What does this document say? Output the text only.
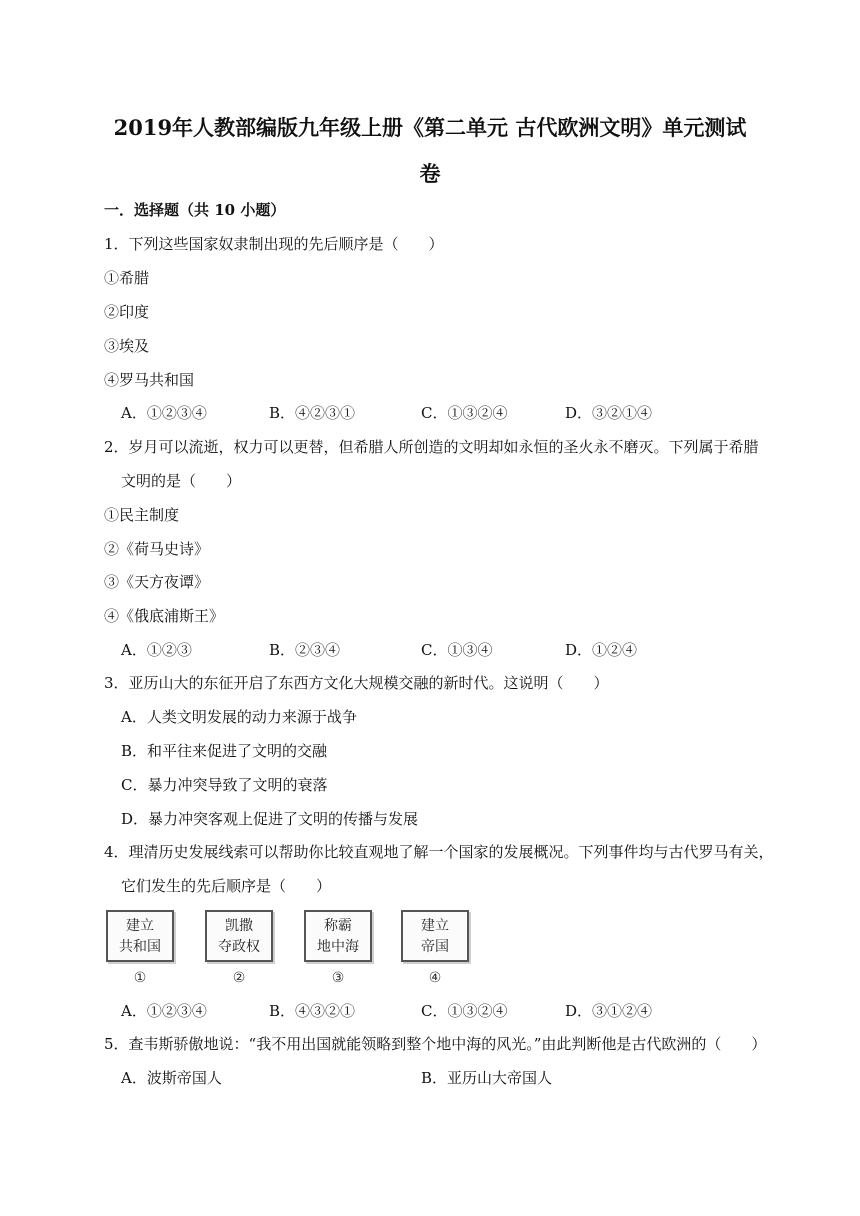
2019年人教部编版九年级上册《第二单元 古代欧洲文明》单元测试
卷
一．选择题（共 10 小题）
1．下列这些国家奴隶制出现的先后顺序是（　　）
①希腊
②印度
③埃及
④罗马共和国
A．①②③④	B．④②③①	C．①③②④	D．③②①④
2．岁月可以流逝，权力可以更替，但希腊人所创造的文明却如永恒的圣火永不磨灭。下列属于希腊
文明的是（　　）
①民主制度
②《荷马史诗》
③《天方夜谭》
④《俄底浦斯王》
A．①②③	B．②③④	C．①③④	D．①②④
3．亚历山大的东征开启了东西方文化大规模交融的新时代。这说明（　　）
A．人类文明发展的动力来源于战争
B．和平往来促进了文明的交融
C．暴力冲突导致了文明的衰落
D．暴力冲突客观上促进了文明的传播与发展
4．理清历史发展线索可以帮助你比较直观地了解一个国家的发展概况。下列事件均与古代罗马有关，
它们发生的先后顺序是（　　）
建立
共和国
①
凯撒
夺政权
②
称霸
地中海
③
建立
帝国
④
A．①②③④	B．④③②①	C．①③②④	D．③①②④
5．查韦斯骄傲地说：“我不用出国就能领略到整个地中海的风光。”由此判断他是古代欧洲的（　　）
A．波斯帝国人	B．亚历山大帝国人
